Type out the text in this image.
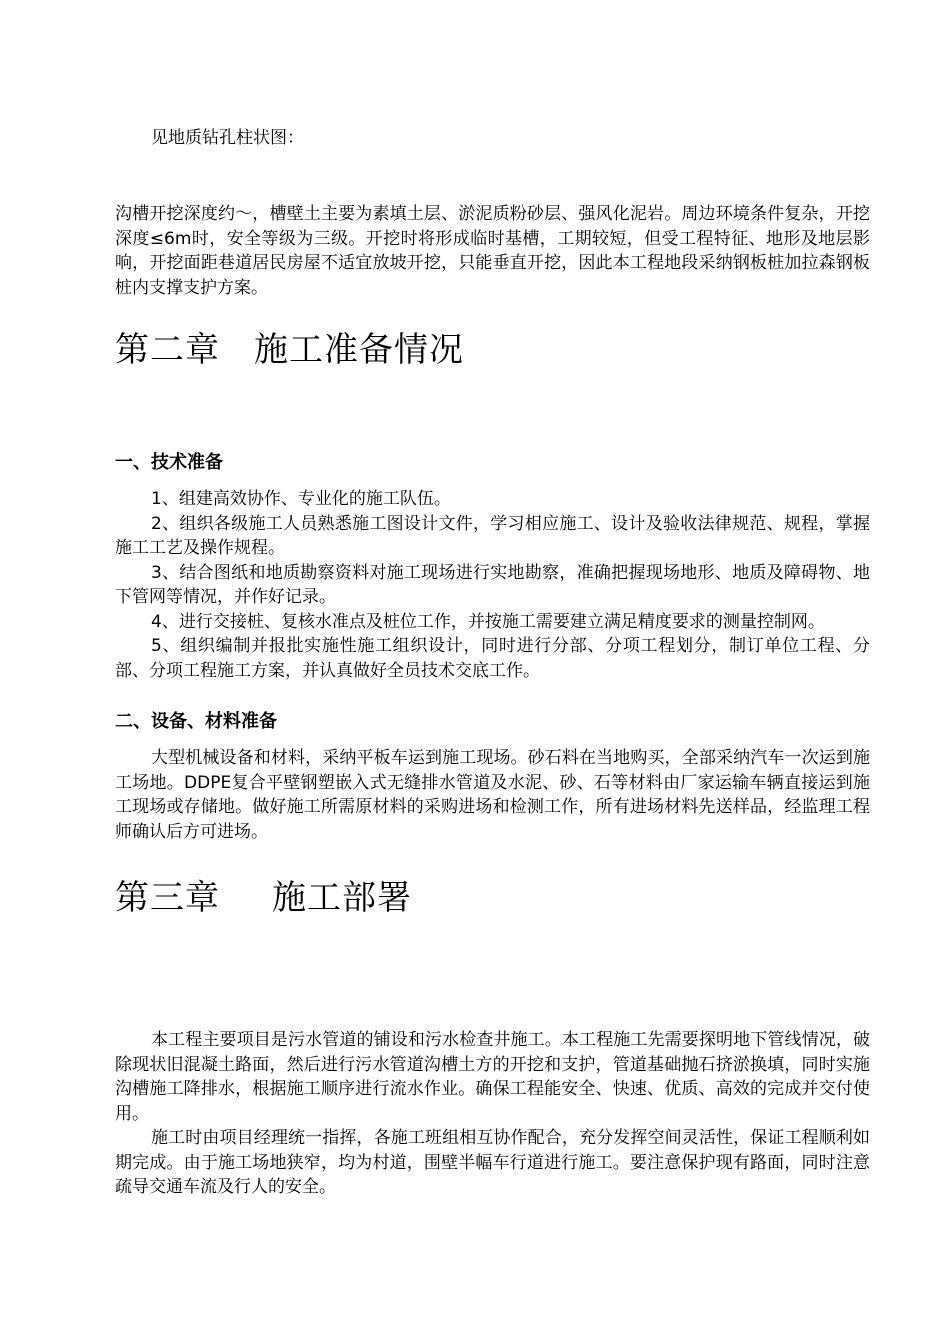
见地质钻孔柱状图：

沟槽开挖深度约～，槽壁土主要为素填土层、淤泥质粉砂层、强风化泥岩。周边环境条件复杂，开挖深度≤6m时，安全等级为三级。开挖时将形成临时基槽，工期较短，但受工程特征、地形及地层影响，开挖面距巷道居民房屋不适宜放坡开挖，只能垂直开挖，因此本工程地段采纳钢板桩加拉森钢板桩内支撑支护方案。

第二章 施工准备情况
一、技术准备

1、组建高效协作、专业化的施工队伍。

2、组织各级施工人员熟悉施工图设计文件，学习相应施工、设计及验收法律规范、规程，掌握施工工艺及操作规程。

3、结合图纸和地质勘察资料对施工现场进行实地勘察，准确把握现场地形、地质及障碍物、地下管网等情况，并作好记录。

4、进行交接桩、复核水准点及桩位工作，并按施工需要建立满足精度要求的测量控制网。

5、组织编制并报批实施性施工组织设计，同时进行分部、分项工程划分，制订单位工程、分部、分项工程施工方案，并认真做好全员技术交底工作。

二、设备、材料准备

大型机械设备和材料，采纳平板车运到施工现场。砂石料在当地购买，全部采纳汽车一次运到施工场地。DDPE复合平壁钢塑嵌入式无缝排水管道及水泥、砂、石等材料由厂家运输车辆直接运到施工现场或存储地。做好施工所需原材料的采购进场和检测工作，所有进场材料先送样品，经监理工程师确认后方可进场。

第三章 施工部署

本工程主要项目是污水管道的铺设和污水检查井施工。本工程施工先需要探明地下管线情况，破除现状旧混凝土路面，然后进行污水管道沟槽土方的开挖和支护，管道基础抛石挤淤换填，同时实施沟槽施工降排水，根据施工顺序进行流水作业。确保工程能安全、快速、优质、高效的完成并交付使用。

施工时由项目经理统一指挥，各施工班组相互协作配合，充分发挥空间灵活性，保证工程顺利如期完成。由于施工场地狭窄，均为村道，围壁半幅车行道进行施工。要注意保护现有路面，同时注意疏导交通车流及行人的安全。
